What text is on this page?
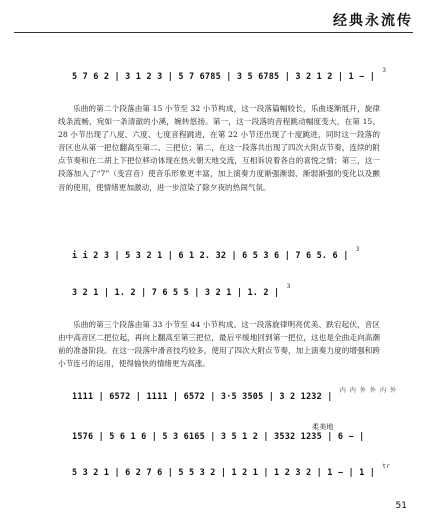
经典永流传
5 7 6 2 | 3 1 2 3 | 5 7 6785 | 3 5 6785 | 3 2 1 2 | 1 − | $^3$
乐曲的第二个段落由第 15 小节至 32 小节构成，这一段落篇幅较长，乐曲逐渐展开，旋律线条流畅，宛如一条清澈的小溪，婉转悠扬。第一，这一段落的音程跳动幅度变大，在第 15、28 小节出现了八度、六度、七度音程跳进，在第 22 小节还出现了十度跳进，同时这一段落的音区也从第一把位翻高至第二、三把位；第二，在这一段落共出现了四次大附点节奏，连续的附点节奏和在二胡上下把位移动体现在热火朝天地交流，互相诉说着各自的喜悦之情；第三，这一段落加入了“7”（变宫音）使音乐形象更丰富，加上演奏力度渐强渐弱、渐弱渐强的变化以及颤音的使用，使情绪更加激动，进一步渲染了除夕夜的热闹气氛。
i i 2 3 | 5 3 2 1 | 6 1 2. 32 | 6 5 3 6 | 7 6 5. 6 | $^3$
3 2 1 | 1. 2 | 7 6 5 5 | 3 2 1 | 1. 2 | $^3$
乐曲的第三个段落由第 33 小节至 44 小节构成。这一段落旋律明亮优美、跌宕起伏，音区由中高音区二把位起，再向上翻高至第三把位，最后平缓地回到第一把位，这也是全曲走向高潮前的准备阶段。在这一段落中滑音技巧较多，使用了四次大附点节奏，加上演奏力度的增强和跨小节连弓的运用，使得愉快的情绪更为高涨。
1111 | 6572 | 1111 | 6572 | 3·5 3505 | 3 2 1232 | $^{内 内 外 外 内 外}$
柔美地
1576 | 5 6 1 6 | 5 3 6165 | 3 5 1 2 | 3532 1235 | 6 − |
5 3 2 1 | 6 2 7 6 | 5 5 3 2 | 1 2 1 | 1 2 3 2 | 1 − | 1 | $^{tr}$
51
